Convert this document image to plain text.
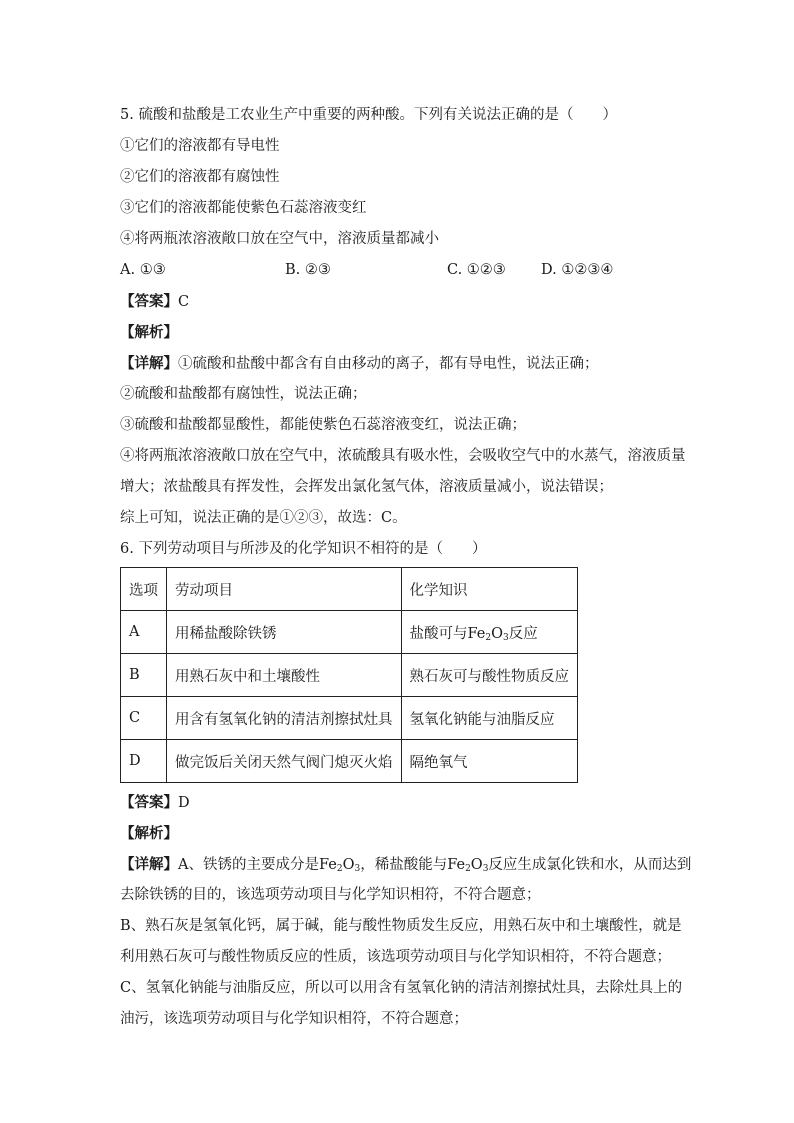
5. 硫酸和盐酸是工农业生产中重要的两种酸。下列有关说法正确的是（　　）
①它们的溶液都有导电性
②它们的溶液都有腐蚀性
③它们的溶液都能使紫色石蕊溶液变红
④将两瓶浓溶液敞口放在空气中，溶液质量都减小
A. ①③	B. ②③	C. ①②③	D. ①②③④
【答案】C
【解析】
【详解】①硫酸和盐酸中都含有自由移动的离子，都有导电性，说法正确；
②硫酸和盐酸都有腐蚀性，说法正确；
③硫酸和盐酸都显酸性，都能使紫色石蕊溶液变红，说法正确；
④将两瓶浓溶液敞口放在空气中，浓硫酸具有吸水性，会吸收空气中的水蒸气，溶液质量
增大；浓盐酸具有挥发性，会挥发出氯化氢气体，溶液质量减小，说法错误；
综上可知，说法正确的是①②③，故选：C。
6. 下列劳动项目与所涉及的化学知识不相符的是（　　）
选项	劳动项目	化学知识
A	用稀盐酸除铁锈	盐酸可与$Fe_2O_3$反应
B	用熟石灰中和土壤酸性	熟石灰可与酸性物质反应
C	用含有氢氧化钠的清洁剂擦拭灶具	氢氧化钠能与油脂反应
D	做完饭后关闭天然气阀门熄灭火焰	隔绝氧气
【答案】D
【解析】
【详解】A、铁锈的主要成分是$Fe_2O_3$，稀盐酸能与$Fe_2O_3$反应生成氯化铁和水，从而达到
去除铁锈的目的，该选项劳动项目与化学知识相符，不符合题意；
B、熟石灰是氢氧化钙，属于碱，能与酸性物质发生反应，用熟石灰中和土壤酸性，就是
利用熟石灰可与酸性物质反应的性质，该选项劳动项目与化学知识相符，不符合题意；
C、氢氧化钠能与油脂反应，所以可以用含有氢氧化钠的清洁剂擦拭灶具，去除灶具上的
油污，该选项劳动项目与化学知识相符，不符合题意；
